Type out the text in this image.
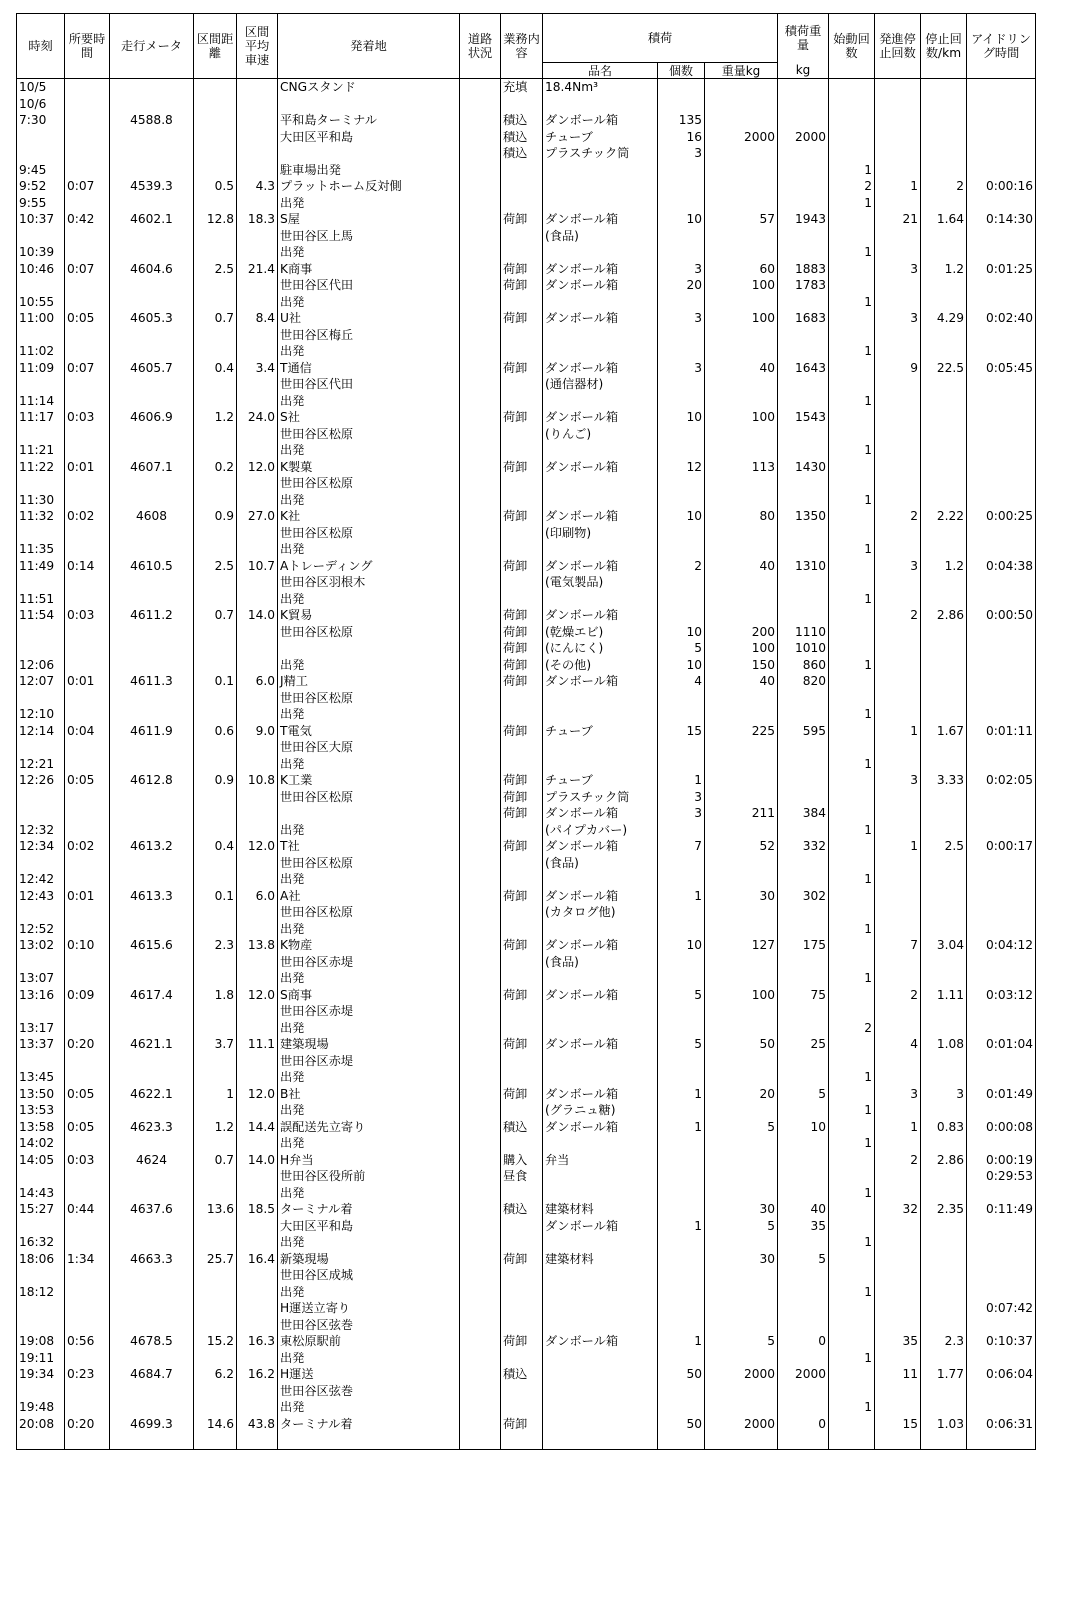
時刻	所要時間	走行メータ	区間距離	区間平均車速	発着地	道路状況	業務内容	積荷			積荷重量	始動回数	発進停止回数	停止回数/km	アイドリング時間
								品名	個数	重量kg	kg				
10/5					CNGスタンド		充填	18.4Nm³							
10/6															
7:30		4588.8			平和島ターミナル		積込	ダンボール箱	135						
					大田区平和島		積込	チューブ	16	2000	2000				
							積込	プラスチック筒	3						
9:45					駐車場出発							1			
9:52	0:07	4539.3	0.5	4.3	プラットホーム反対側							2	1	2	0:00:16
9:55					出発							1			
10:37	0:42	4602.1	12.8	18.3	S屋		荷卸	ダンボール箱	10	57	1943		21	1.64	0:14:30
					世田谷区上馬			(食品)							
10:39					出発							1			
10:46	0:07	4604.6	2.5	21.4	K商事		荷卸	ダンボール箱	3	60	1883		3	1.2	0:01:25
					世田谷区代田		荷卸	ダンボール箱	20	100	1783				
10:55					出発							1			
11:00	0:05	4605.3	0.7	8.4	U社		荷卸	ダンボール箱	3	100	1683		3	4.29	0:02:40
					世田谷区梅丘										
11:02					出発							1			
11:09	0:07	4605.7	0.4	3.4	T通信		荷卸	ダンボール箱	3	40	1643		9	22.5	0:05:45
					世田谷区代田			(通信器材)							
11:14					出発							1			
11:17	0:03	4606.9	1.2	24.0	S社		荷卸	ダンボール箱	10	100	1543				
					世田谷区松原			(りんご)							
11:21					出発							1			
11:22	0:01	4607.1	0.2	12.0	K製菓		荷卸	ダンボール箱	12	113	1430				
					世田谷区松原										
11:30					出発							1			
11:32	0:02	4608	0.9	27.0	K社		荷卸	ダンボール箱	10	80	1350		2	2.22	0:00:25
					世田谷区松原			(印刷物)							
11:35					出発							1			
11:49	0:14	4610.5	2.5	10.7	Aトレーディング		荷卸	ダンボール箱	2	40	1310		3	1.2	0:04:38
					世田谷区羽根木			(電気製品)							
11:51					出発							1			
11:54	0:03	4611.2	0.7	14.0	K貿易		荷卸	ダンボール箱					2	2.86	0:00:50
					世田谷区松原		荷卸	(乾燥エビ)	10	200	1110				
							荷卸	(にんにく)	5	100	1010				
12:06					出発		荷卸	(その他)	10	150	860	1			
12:07	0:01	4611.3	0.1	6.0	J精工		荷卸	ダンボール箱	4	40	820				
					世田谷区松原										
12:10					出発							1			
12:14	0:04	4611.9	0.6	9.0	T電気		荷卸	チューブ	15	225	595		1	1.67	0:01:11
					世田谷区大原										
12:21					出発							1			
12:26	0:05	4612.8	0.9	10.8	K工業		荷卸	チューブ	1				3	3.33	0:02:05
					世田谷区松原		荷卸	プラスチック筒	3						
							荷卸	ダンボール箱	3	211	384				
12:32					出発			(パイプカバー)				1			
12:34	0:02	4613.2	0.4	12.0	T社		荷卸	ダンボール箱	7	52	332		1	2.5	0:00:17
					世田谷区松原			(食品)							
12:42					出発							1			
12:43	0:01	4613.3	0.1	6.0	A社		荷卸	ダンボール箱	1	30	302				
					世田谷区松原			(カタログ他)							
12:52					出発							1			
13:02	0:10	4615.6	2.3	13.8	K物産		荷卸	ダンボール箱	10	127	175		7	3.04	0:04:12
					世田谷区赤堤			(食品)							
13:07					出発							1			
13:16	0:09	4617.4	1.8	12.0	S商事		荷卸	ダンボール箱	5	100	75		2	1.11	0:03:12
					世田谷区赤堤										
13:17					出発							2			
13:37	0:20	4621.1	3.7	11.1	建築現場		荷卸	ダンボール箱	5	50	25		4	1.08	0:01:04
					世田谷区赤堤										
13:45					出発							1			
13:50	0:05	4622.1	1	12.0	B社		荷卸	ダンボール箱	1	20	5		3	3	0:01:49
13:53					出発			(グラニュ糖)				1			
13:58	0:05	4623.3	1.2	14.4	誤配送先立寄り		積込	ダンボール箱	1	5	10		1	0.83	0:00:08
14:02					出発							1			
14:05	0:03	4624	0.7	14.0	H弁当		購入	弁当					2	2.86	0:00:19
					世田谷区役所前		昼食								0:29:53
14:43					出発							1			
15:27	0:44	4637.6	13.6	18.5	ターミナル着		積込	建築材料		30	40		32	2.35	0:11:49
					大田区平和島			ダンボール箱	1	5	35				
16:32					出発							1			
18:06	1:34	4663.3	25.7	16.4	新築現場		荷卸	建築材料		30	5				
					世田谷区成城										
18:12					出発							1			
					H運送立寄り										0:07:42
					世田谷区弦巻										
19:08	0:56	4678.5	15.2	16.3	東松原駅前		荷卸	ダンボール箱	1	5	0		35	2.3	0:10:37
19:11					出発							1			
19:34	0:23	4684.7	6.2	16.2	H運送		積込		50	2000	2000		11	1.77	0:06:04
					世田谷区弦巻										
19:48					出発							1			
20:08	0:20	4699.3	14.6	43.8	ターミナル着		荷卸		50	2000	0		15	1.03	0:06:31
